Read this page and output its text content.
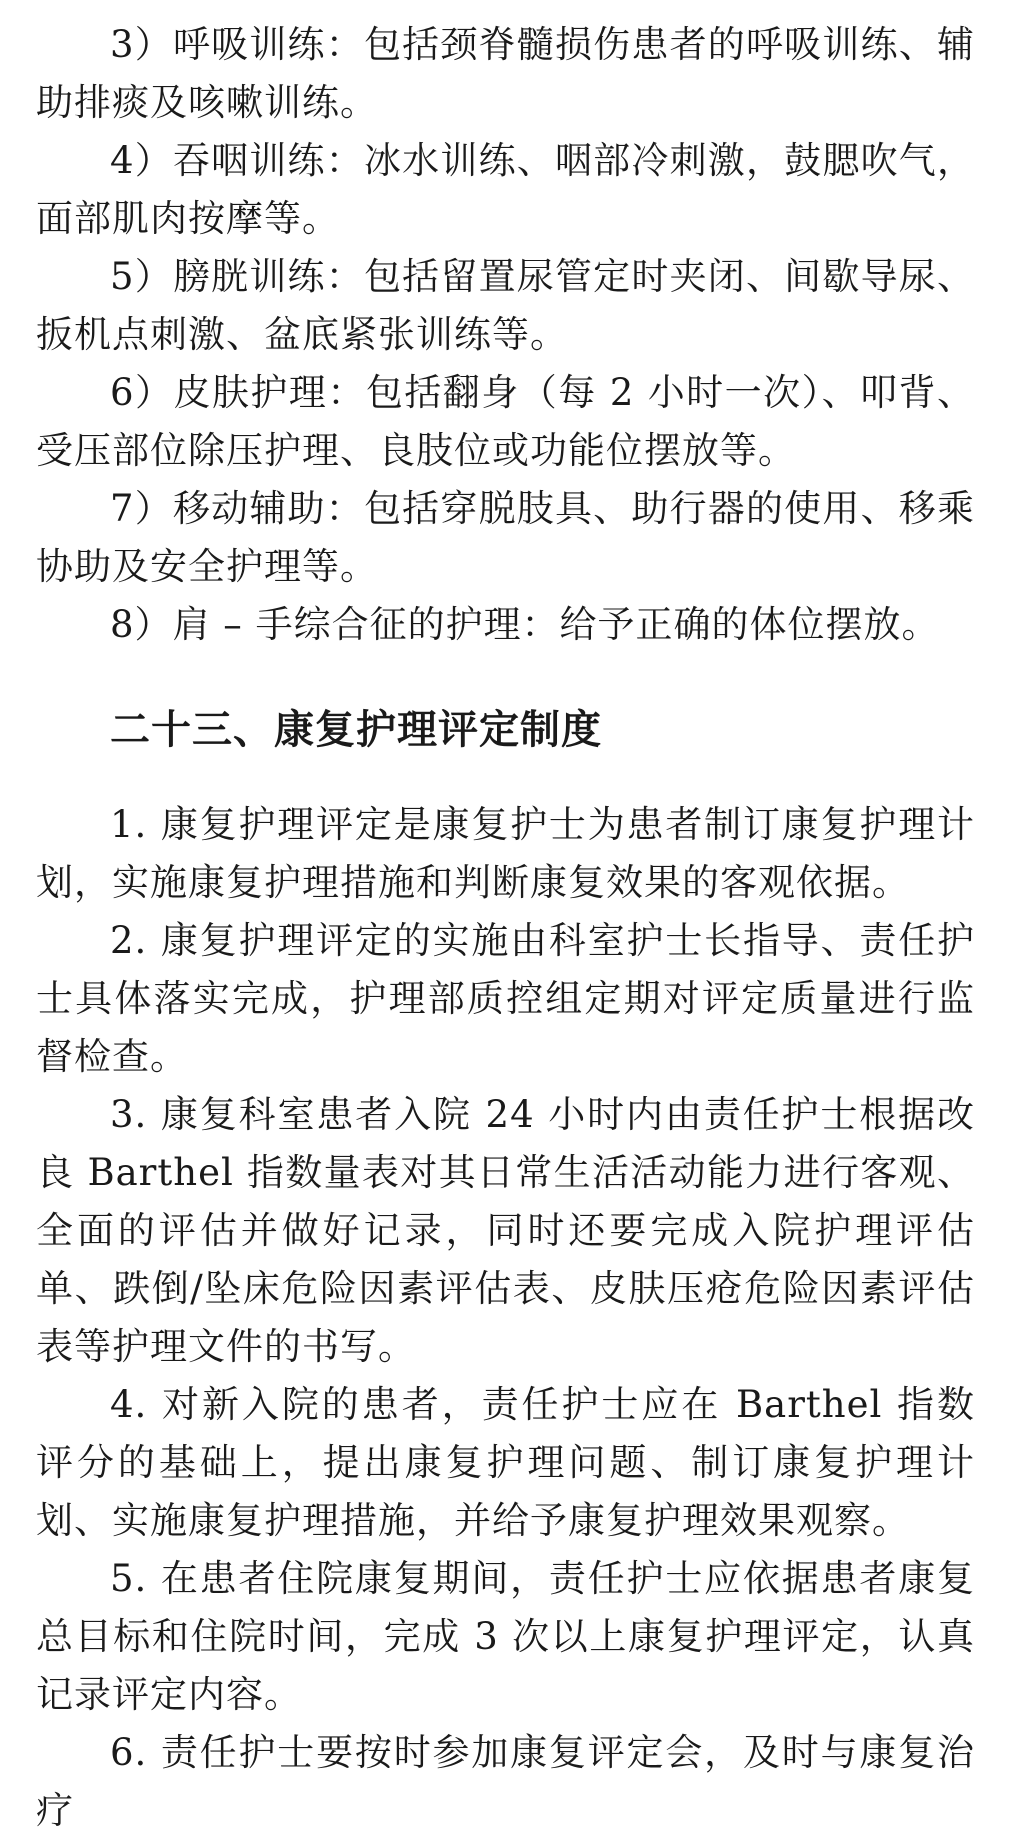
3）呼吸训练：包括颈脊髓损伤患者的呼吸训练、辅助排痰及咳嗽训练。

4）吞咽训练：冰水训练、咽部冷刺激，鼓腮吹气，面部肌肉按摩等。

5）膀胱训练：包括留置尿管定时夹闭、间歇导尿、扳机点刺激、盆底紧张训练等。

6）皮肤护理：包括翻身（每 2 小时一次）、叩背、受压部位除压护理、良肢位或功能位摆放等。

7）移动辅助：包括穿脱肢具、助行器的使用、移乘协助及安全护理等。

8）肩 – 手综合征的护理：给予正确的体位摆放。

二十三、康复护理评定制度

1. 康复护理评定是康复护士为患者制订康复护理计划，实施康复护理措施和判断康复效果的客观依据。

2. 康复护理评定的实施由科室护士长指导、责任护士具体落实完成，护理部质控组定期对评定质量进行监督检查。

3. 康复科室患者入院 24 小时内由责任护士根据改良 Barthel 指数量表对其日常生活活动能力进行客观、全面的评估并做好记录，同时还要完成入院护理评估单、跌倒/坠床危险因素评估表、皮肤压疮危险因素评估表等护理文件的书写。

4. 对新入院的患者，责任护士应在 Barthel 指数评分的基础上，提出康复护理问题、制订康复护理计划、实施康复护理措施，并给予康复护理效果观察。

5. 在患者住院康复期间，责任护士应依据患者康复总目标和住院时间，完成 3 次以上康复护理评定，认真记录评定内容。

6. 责任护士要按时参加康复评定会，及时与康复治疗
